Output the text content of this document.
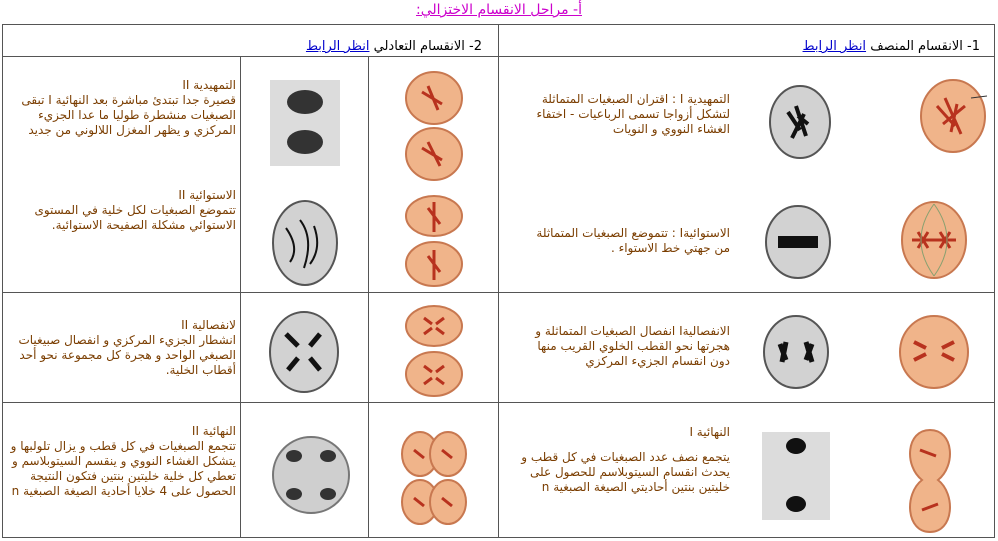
أ- مراحل الانقسام الاختزالي:
1- الانقسام المنصف انظر الرابط
2- الانقسام التعادلي انظر الرابط
التمهيدية I : اقتران الصبغيات المتماثلة لتشكل أزواجا تسمى الرباعيات - اختفاء الغشاء النووي و النويات
الاستوائيةI : تتموضع الصبغيات المتماثلة من جهتي خط الاستواء .
الانفصاليةI انفصال الصبغيات المتماثلة و هجرتها نحو القطب الخلوي القريب منها دون انقسام الجزيء المركزي
النهائية I
يتجمع نصف عدد الصبغيات في كل قطب و يحدث انقسام السيتوبلاسم للحصول على خليتين بنتين أحاديتي الصيغة الصبغية n
التمهيدية II
قصيرة جدا تبتدئ مباشرة بعد النهائية I تبقى الصبغيات منشطرة طوليا ما عدا الجزيء المركزي و يظهر المغزل اللالوني من جديد
الاستوائية II
تتموضع الصبغيات لكل خلية في المستوى الاستوائي مشكلة الصفيحة الاستوائية.
لانفصالية II
انشطار الجزيء المركزي و انفصال صبيغيات الصبغي الواحد و هجرة كل مجموعة نحو أحد أقطاب الخلية.
النهائية II
تتجمع الصبغيات في كل قطب و يزال تلولبها و يتشكل الغشاء النووي و ينقسم السيتوبلاسم و تعطي كل خلية خليتين بنتين فتكون النتيجة الحصول على 4 خلايا أحادية الصيغة الصبغية n
